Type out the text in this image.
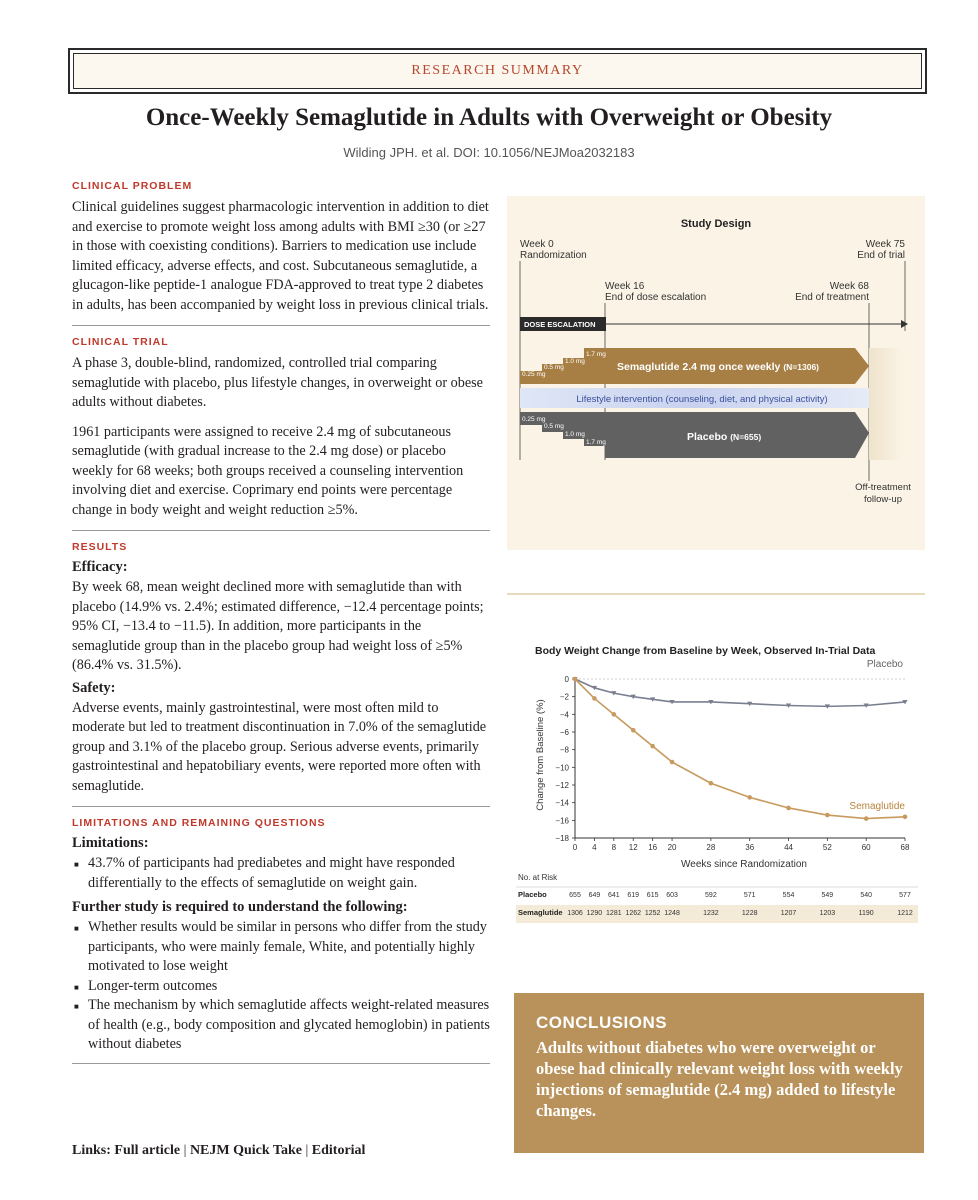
RESEARCH SUMMARY
Once-Weekly Semaglutide in Adults with Overweight or Obesity
Wilding JPH. et al. DOI: 10.1056/NEJMoa2032183
CLINICAL PROBLEM

Clinical guidelines suggest pharmacologic intervention in addition to diet and exercise to promote weight loss among adults with BMI ≥30 (or ≥27 in those with coexisting conditions). Barriers to medication use include limited efficacy, adverse effects, and cost. Subcutaneous semaglutide, a glucagon-like peptide-1 analogue FDA-approved to treat type 2 diabetes in adults, has been accompanied by weight loss in previous clinical trials.

CLINICAL TRIAL

A phase 3, double-blind, randomized, controlled trial comparing semaglutide with placebo, plus lifestyle changes, in overweight or obese adults without diabetes.

1961 participants were assigned to receive 2.4 mg of subcutaneous semaglutide (with gradual increase to the 2.4 mg dose) or placebo weekly for 68 weeks; both groups received a counseling intervention involving diet and exercise. Coprimary end points were percentage change in body weight and weight reduction ≥5%.

RESULTS
Efficacy:

By week 68, mean weight declined more with semaglutide than with placebo (14.9% vs. 2.4%; estimated difference, −12.4 percentage points; 95% CI, −13.4 to −11.5). In addition, more participants in the semaglutide group than in the placebo group had weight loss of ≥5% (86.4% vs. 31.5%).

Safety:

Adverse events, mainly gastrointestinal, were most often mild to moderate but led to treatment discontinuation in 7.0% of the semaglutide group and 3.1% of the placebo group. Serious adverse events, primarily gastrointestinal and hepatobiliary events, were reported more often with semaglutide.

LIMITATIONS AND REMAINING QUESTIONS
Limitations:
■ 43.7% of participants had prediabetes and might have responded differentially to the effects of semaglutide on weight gain.
Further study is required to understand the following:
■ Whether results would be similar in persons who differ from the study participants, who were mainly female, White, and potentially highly motivated to lose weight
■ Longer-term outcomes
■ The mechanism by which semaglutide affects weight-related measures of health (e.g., body composition and glycated hemoglobin) in patients without diabetes
Links: Full article | NEJM Quick Take | Editorial
Study Design
Week 0
Randomization
Week 75
End of trial
Week 16
End of dose escalation
Week 68
End of treatment
DOSE ESCALATION
0.25 mg
0.5 mg
1.0 mg
1.7 mg
Semaglutide 2.4 mg once weekly (N=1306)
Lifestyle intervention (counseling, diet, and physical activity)
0.25 mg
0.5 mg
1.0 mg
1.7 mg	Placebo (N=655)
Off-treatment
follow-up
Body Weight Change from Baseline by Week, Observed In-Trial Data
Change from Baseline (%)
Weeks since Randomization
0
−2
−4
−6
−8
−10
−12
−14
−16
−18
0 4 8 12 16 20	28	36	44	52	60	68
Placebo
Semaglutide
No. at Risk
Placebo	655 649 641 619 615 603	592	571	554	549	540	577
Semaglutide 1306 1290 1281 1262 1252 1248	1232	1228	1207	1203	1190	1212
CONCLUSIONS
Adults without diabetes who were overweight or obese had clinically relevant weight loss with weekly injections of semaglutide (2.4 mg) added to lifestyle changes.
